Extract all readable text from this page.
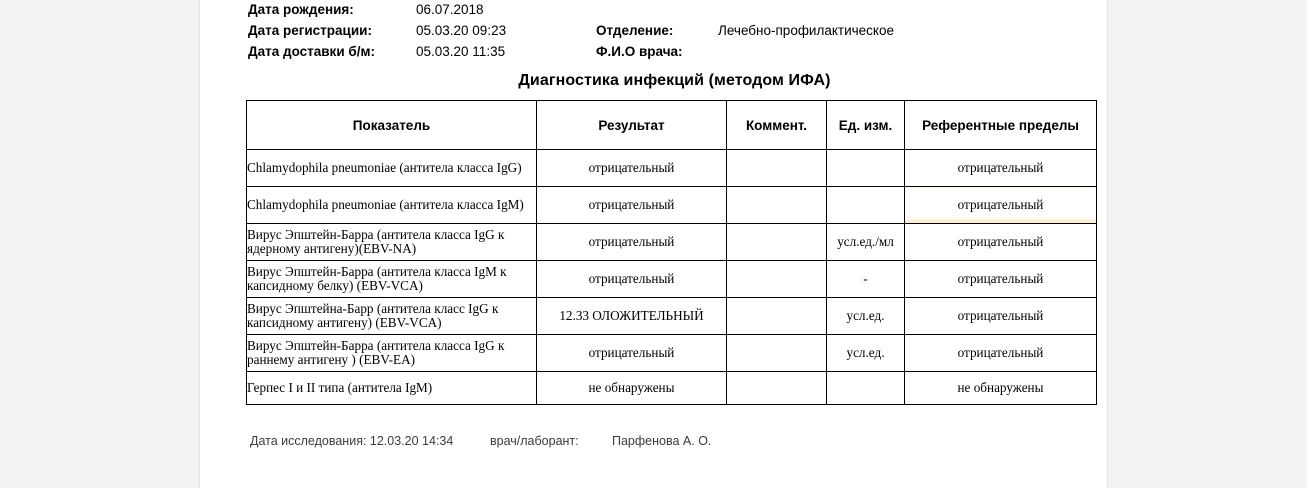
Дата рождения:	06.07.2018
Дата регистрации:	05.03.20 09:23	Отделение:	Лечебно-профилактическое
Дата доставки б/м:	05.03.20 11:35	Ф.И.О врача:
Диагностика инфекций (методом ИФА)
Показатель	Результат	Коммент.	Ед. изм.	Референтные пределы
Chlamydophila pneumoniae (антитела класса IgG)	отрицательный			отрицательный
Chlamydophila pneumoniae (антитела класса IgM)	отрицательный			отрицательный
Вирус Эпштейн-Барра (антитела класса IgG к ядерному антигену)(EBV-NA)	отрицательный		усл.ед./мл	отрицательный
Вирус Эпштейн-Барра (антитела класса IgM к капсидному белку) (EBV-VCA)	отрицательный		-	отрицательный
Вирус Эпштейна-Барр (антитела класс IgG к капсидному антигену) (EBV-VCA)	12.33 ОЛОЖИТЕЛЬНЫЙ		усл.ед.	отрицательный
Вирус Эпштейн-Барра (антитела класса IgG к раннему антигену ) (EBV-EA)	отрицательный		усл.ед.	отрицательный
Герпес I и II типа (антитела IgM)	не обнаружены			не обнаружены
Дата исследования: 12.03.20 14:34	врач/лаборант:	Парфенова А. О.
